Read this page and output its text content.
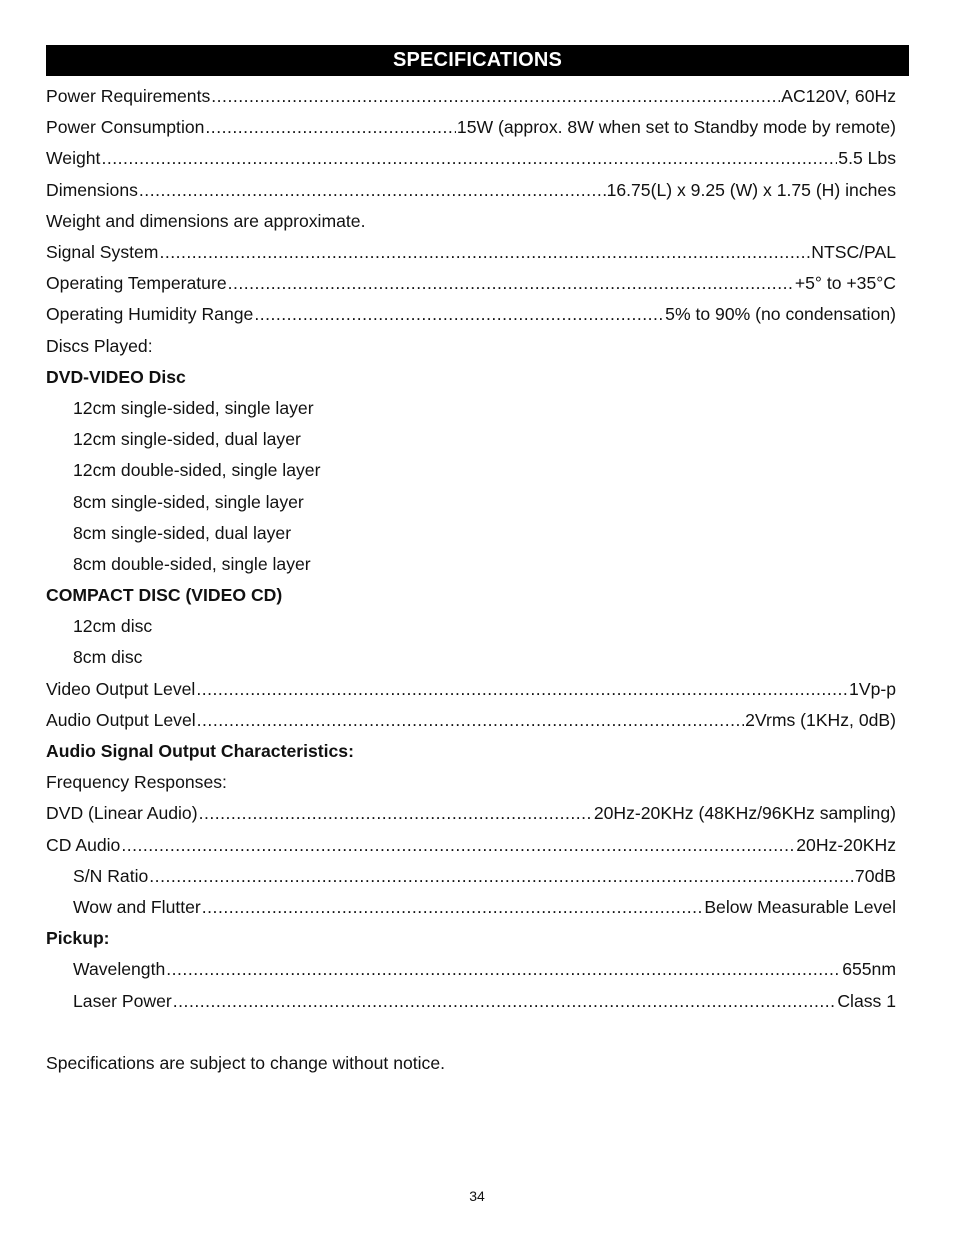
SPECIFICATIONS
Power Requirements .....	AC120V, 60Hz
Power Consumption .....	15W (approx. 8W when set to Standby mode by remote)
Weight .....	5.5 Lbs
Dimensions .....	16.75(L) x 9.25 (W) x 1.75 (H) inches
Weight and dimensions are approximate.
Signal System .....	NTSC/PAL
Operating Temperature .....	+5° to +35°C
Operating Humidity Range .....	5% to 90% (no condensation)
Discs Played:
DVD-VIDEO Disc
12cm single-sided, single layer
12cm single-sided, dual layer
12cm double-sided, single layer
8cm single-sided, single layer
8cm single-sided, dual layer
8cm double-sided, single layer
COMPACT DISC (VIDEO CD)
12cm disc
8cm disc
Video Output Level .....	1Vp-p
Audio Output Level .....	2Vrms (1KHz, 0dB)
Audio Signal Output Characteristics:
Frequency Responses:
DVD (Linear Audio) .....	20Hz-20KHz (48KHz/96KHz sampling)
CD Audio .....	20Hz-20KHz
S/N Ratio .....	70dB
Wow and Flutter .....	Below Measurable Level
Pickup:
Wavelength .....	655nm
Laser Power .....	Class 1
Specifications are subject to change without notice.
34
